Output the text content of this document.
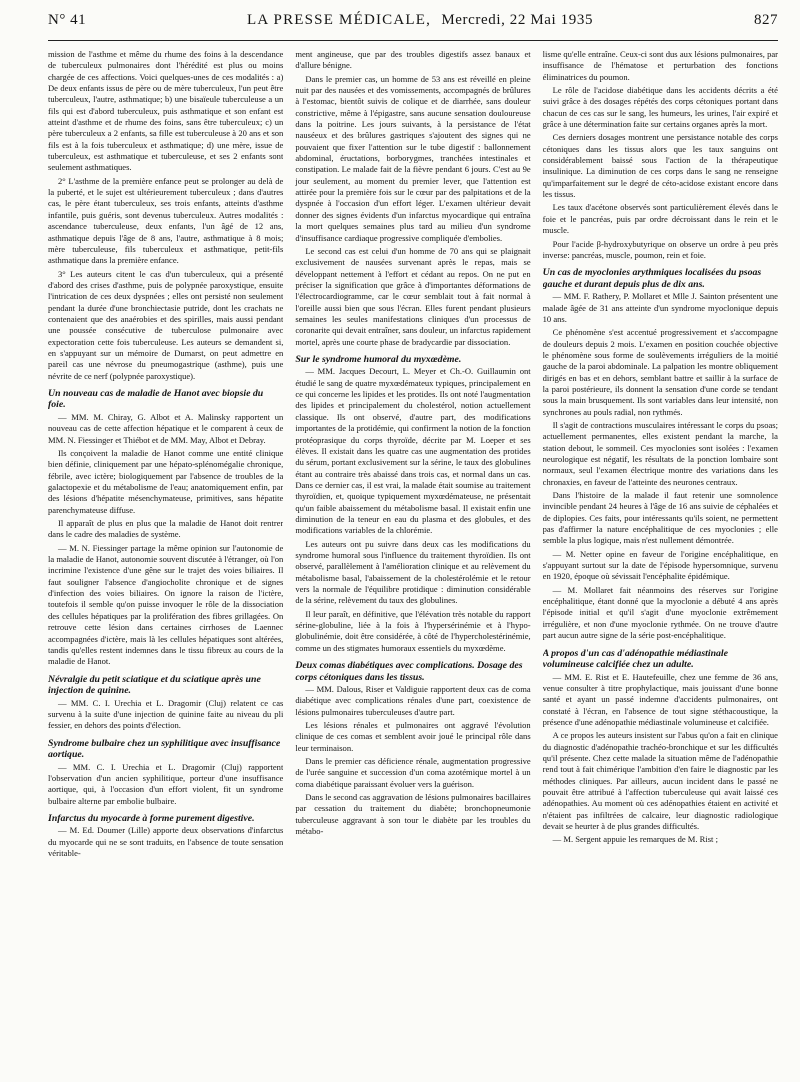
N° 41	LA PRESSE MÉDICALE, Mercredi, 22 Mai 1935	827

mission de l'asthme et même du rhume des foins à la descendance de tuberculeux pulmonaires dont l'hérédité est plus ou moins chargée de ces affections. Voici quelques-unes de ces modalités : a) De deux enfants issus de père ou de mère tuberculeux, l'un peut être tuberculeux, l'autre, asthmatique; b) une bisaïeule tuberculeuse a un fils qui est d'abord tuberculeux, puis asthmatique et son enfant est atteint d'asthme et de rhume des foins, sans être tuberculeux; c) un père tuberculeux a 2 enfants, sa fille est tuberculeuse à 20 ans et son fils est à la fois tuberculeux et asthmatique; d) une mère, issue de tuberculeux, est asthmatique et tuberculeuse, et ses 2 enfants sont seulement asthmatiques.

2° L'asthme de la première enfance peut se prolonger au delà de la puberté, et le sujet est ultérieurement tuberculeux ; dans d'autres cas, le père étant tuberculeux, ses trois enfants, atteints d'asthme infantile, puis guéris, sont devenus tuberculeux. Autres modalités : ascendance tuberculeuse, deux enfants, l'un âgé de 12 ans, asthmatique depuis l'âge de 8 ans, l'autre, asthmatique à 8 mois; mère tuberculeuse, fils tuberculeux et asthmatique, petit-fils asthmatique dans la première enfance.

3° Les auteurs citent le cas d'un tuberculeux, qui a présenté d'abord des crises d'asthme, puis de polypnée paroxystique, ensuite l'intrication de ces deux dyspnées ; elles ont persisté non seulement pendant la durée d'une bronchiectasie putride, dont les crachats ne contenaient que des anaérobies et des spirilles, mais aussi pendant une poussée consécutive de tuberculose pulmonaire avec expectoration cette fois tuberculeuse. Les auteurs se demandent si, en s'appuyant sur un mémoire de Dumarst, on peut admettre en pareil cas une névrose du pneumogastrique (asthme), puis une névrite de ce nerf (polypnée paroxystique).

Un nouveau cas de maladie de Hanot avec biopsie du foie.

— MM. M. Chiray, G. Albot et A. Malinsky rapportent un nouveau cas de cette affection hépatique et le comparent à ceux de MM. N. Fiessinger et Thiébot et de MM. May, Albot et Debray.

Ils conçoivent la maladie de Hanot comme une entité clinique bien définie, cliniquement par une hépato-splénomégalie chronique, fébrile, avec ictère; biologiquement par l'absence de troubles de la galactopexie et du métabolisme de l'eau; anatomiquement enfin, par des lésions d'hépatite mésenchymateuse, primitives, sans hépatite parenchymateuse diffuse.

Il apparaît de plus en plus que la maladie de Hanot doit rentrer dans le cadre des maladies de système.

— M. N. Fiessinger partage la même opinion sur l'autonomie de la maladie de Hanot, autonomie souvent discutée à l'étranger, où l'on incrimine l'existence d'une gêne sur le trajet des voies biliaires. Il faut souligner l'absence d'angiocholite chronique et de signes d'infection des voies biliaires. On ignore la raison de l'ictère, toutefois il semble qu'on puisse invoquer le rôle de la dissociation des cellules hépatiques par la prolifération des fibres grillagées. On retrouve cette lésion dans certaines cirrhoses de Laennec accompagnées d'ictère, mais là les cellules hépatiques sont altérées, tandis qu'elles restent indemnes dans le tissu fibreux au cours de la maladie de Hanot.

Névralgie du petit sciatique et du sciatique après une injection de quinine.

— MM. C. I. Urechia et L. Dragomir (Cluj) relatent ce cas survenu à la suite d'une injection de quinine faite au niveau du pli fessier, en dehors des points d'élection.

Syndrome bulbaire chez un syphilitique avec insuffisance aortique.

— MM. C. I. Urechia et L. Dragomir (Cluj) rapportent l'observation d'un ancien syphilitique, porteur d'une insuffisance aortique, qui, à l'occasion d'un effort violent, fit un syndrome bulbaire alterne par embolie bulbaire.

Infarctus du myocarde à forme purement digestive.

— M. Ed. Doumer (Lille) apporte deux observations d'infarctus du myocarde qui ne se sont traduits, en l'absence de toute sensation véritable-

ment angineuse, que par des troubles digestifs assez banaux et d'allure bénigne.

Dans le premier cas, un homme de 53 ans est réveillé en pleine nuit par des nausées et des vomissements, accompagnés de brûlures à l'estomac, bientôt suivis de colique et de diarrhée, sans douleur constrictive, même à l'épigastre, sans aucune sensation douloureuse dans la poitrine. Les jours suivants, à la persistance de l'état nauséeux et des brûlures gastriques s'ajoutent des signes qui ne pouvaient que fixer l'attention sur le tube digestif : ballonnement abdominal, éructations, borborygmes, tranchées intestinales et constipation. Le malade fait de la fièvre pendant 6 jours. C'est au 9e jour seulement, au moment du premier lever, que l'attention est attirée pour la première fois sur le cœur par des palpitations et de la dyspnée à l'occasion d'un effort léger. L'examen ultérieur devait donner des signes évidents d'un infarctus myocardique qui entraîna la mort quelques semaines plus tard au milieu d'un syndrome d'insuffisance cardiaque progressive compliquée d'embolies.

Le second cas est celui d'un homme de 70 ans qui se plaignait exclusivement de nausées survenant après le repas, mais se développant nettement à l'effort et cédant au repos. On ne put en préciser la signification que grâce à d'importantes déformations de l'électrocardiogramme, car le cœur semblait tout à fait normal à l'oreille aussi bien que sous l'écran. Elles furent pendant plusieurs semaines les seules manifestations cliniques d'un processus de coronarite qui devait entraîner, sans douleur, un infarctus rapidement mortel, après une courte phase de bradycardie par dissociation.

Sur le syndrome humoral du myxœdème.

— MM. Jacques Decourt, L. Meyer et Ch.-O. Guillaumin ont étudié le sang de quatre myxœdémateux typiques, principalement en ce qui concerne les lipides et les protides. Ils ont noté l'augmentation des lipides et principalement du cholestérol, notion actuellement classique. Ils ont observé, d'autre part, des modifications importantes de la protidémie, qui confirment la notion de la fonction protéoprasique du corps thyroïde, décrite par M. Loeper et ses élèves. Il existait dans les quatre cas une augmentation des protides du sérum, portant exclusivement sur la sérine, le taux des globulines étant au contraire très abaissé dans trois cas, et normal dans un cas. Dans ce dernier cas, il est vrai, la malade était soumise au traitement thyroïdien, et, quoique typiquement myxœdémateuse, ne présentait qu'un faible abaissement du métabolisme basal. Il existait enfin une diminution de la teneur en eau du plasma et des globules, et des modifications variables de la chlorémie.

Les auteurs ont pu suivre dans deux cas les modifications du syndrome humoral sous l'influence du traitement thyroïdien. Ils ont observé, parallèlement à l'amélioration clinique et au relèvement du métabolisme basal, l'abaissement de la cholestérolémie et le retour vers la normale de l'équilibre protidique : diminution considérable de la sérine, relèvement du taux des globulines.

Il leur paraît, en définitive, que l'élévation très notable du rapport sérine-globuline, liée à la fois à l'hypersérinémie et à l'hypo-globulinémie, doit être considérée, à côté de l'hypercholestérinémie, comme un des stigmates humoraux essentiels du myxœdème.

Deux comas diabétiques avec complications. Dosage des corps cétoniques dans les tissus.

— MM. Dalous, Riser et Valdiguie rapportent deux cas de coma diabétique avec complications rénales d'une part, coexistence de lésions pulmonaires tuberculeuses d'autre part.

Les lésions rénales et pulmonaires ont aggravé l'évolution clinique de ces comas et semblent avoir joué le principal rôle dans leur terminaison.

Dans le premier cas déficience rénale, augmentation progressive de l'urée sanguine et succession d'un coma azotémique mortel à un coma diabétique paraissant évoluer vers la guérison.

Dans le second cas aggravation de lésions pulmonaires bacillaires par cessation du traitement du diabète; bronchopneumonie tuberculeuse aggravant à son tour le diabète par les troubles du métabo-

lisme qu'elle entraîne. Ceux-ci sont dus aux lésions pulmonaires, par insuffisance de l'hématose et perturbation des fonctions éliminatrices du poumon.

Le rôle de l'acidose diabétique dans les accidents décrits a été suivi grâce à des dosages répétés des corps cétoniques portant dans chacun de ces cas sur le sang, les humeurs, les urines, l'air expiré et grâce à une détermination faite sur certains organes après la mort.

Ces derniers dosages montrent une persistance notable des corps cétoniques dans les tissus alors que les taux sanguins ont considérablement baissé sous l'action de la thérapeutique insulinique. La diminution de ces corps dans le sang ne renseigne qu'imparfaitement sur le degré de céto-acidose existant encore dans les tissus.

Les taux d'acétone observés sont particulièrement élevés dans le foie et le pancréas, puis par ordre décroissant dans le rein et le muscle.

Pour l'acide β-hydroxybutyrique on observe un ordre à peu près inverse: pancréas, muscle, poumon, rein et foie.

Un cas de myoclonies arythmiques localisées du psoas gauche et durant depuis plus de dix ans.

— MM. F. Rathery, P. Mollaret et Mlle J. Sainton présentent une malade âgée de 31 ans atteinte d'un syndrome myoclonique depuis 10 ans.

Ce phénomène s'est accentué progressivement et s'accompagne de douleurs depuis 2 mois. L'examen en position couchée objective le phénomène sous forme de soulèvements irréguliers de la moitié gauche de la paroi abdominale. La palpation les montre obliquement dirigés en bas et en dehors, semblant battre et saillir à la surface de la paroi postérieure, ils donnent la sensation d'une corde se tendant sous la main brusquement. Ils sont variables dans leur intensité, non synchrones au pouls radial, non rythmés.

Il s'agit de contractions musculaires intéressant le corps du psoas; actuellement permanentes, elles existent pendant la marche, la station debout, le sommeil. Ces myoclonies sont isolées : l'examen neurologique est négatif, les résultats de la ponction lombaire sont normaux, seul l'examen électrique montre des variations dans les chronaxies, en faveur de l'atteinte des neurones centraux.

Dans l'histoire de la malade il faut retenir une somnolence invincible pendant 24 heures à l'âge de 16 ans suivie de céphalées et de diplopies. Ces faits, pour intéressants qu'ils soient, ne permettent pas d'affirmer la nature encéphalitique de ces myoclonies ; elle semble la plus logique, mais n'est nullement démontrée.

— M. Netter opine en faveur de l'origine encéphalitique, en s'appuyant surtout sur la date de l'épisode hypersomnique, survenu en 1920, époque où sévissait l'encéphalite épidémique.

— M. Mollaret fait néanmoins des réserves sur l'origine encéphalitique, étant donné que la myoclonie a débuté 4 ans après l'épisode initial et qu'il s'agit d'une myoclonie extrêmement irrégulière, et non d'une myoclonie rythmée. On ne trouve d'autre part aucun autre signe de la série post-encéphalitique.

A propos d'un cas d'adénopathie médiastinale volumineuse calcifiée chez un adulte.

— MM. E. Rist et E. Hautefeuille, chez une femme de 36 ans, venue consulter à titre prophylactique, mais jouissant d'une bonne santé et ayant un passé indemne d'accidents pulmonaires, ont constaté à l'écran, en l'absence de tout signe stéthacoustique, la présence d'une adénopathie médiastinale volumineuse et calcifiée.

A ce propos les auteurs insistent sur l'abus qu'on a fait en clinique du diagnostic d'adénopathie trachéo-bronchique et sur les difficultés qu'il présente. Chez cette malade la situation même de l'adénopathie rend tout à fait chimérique l'ambition d'en faire le diagnostic par les méthodes cliniques. Par ailleurs, aucun incident dans le passé ne pouvait être attribué à l'affection tuberculeuse qui avait laissé ces adénopathies. Au moment où ces adénopathies étaient en activité et n'étaient pas infiltrées de calcaire, leur diagnostic radiologique devait se heurter à de plus grandes difficultés.

— M. Sergent appuie les remarques de M. Rist ;
